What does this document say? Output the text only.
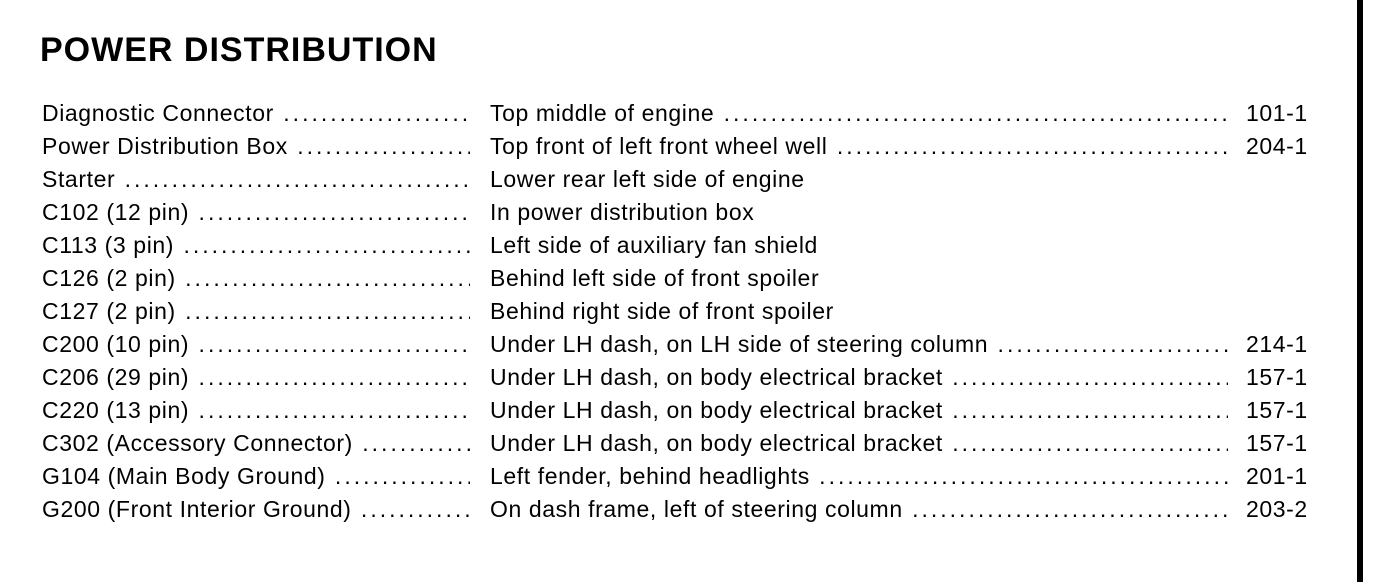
POWER DISTRIBUTION
Diagnostic Connector .....	Top middle of engine .....	101-1
Power Distribution Box .....	Top front of left front wheel well .....	204-1
Starter .....	Lower rear left side of engine
C102 (12 pin) .....	In power distribution box
C113 (3 pin) .....	Left side of auxiliary fan shield
C126 (2 pin) .....	Behind left side of front spoiler
C127 (2 pin) .....	Behind right side of front spoiler
C200 (10 pin) .....	Under LH dash, on LH side of steering column .....	214-1
C206 (29 pin) .....	Under LH dash, on body electrical bracket .....	157-1
C220 (13 pin) .....	Under LH dash, on body electrical bracket .....	157-1
C302 (Accessory Connector) .....	Under LH dash, on body electrical bracket .....	157-1
G104 (Main Body Ground) .....	Left fender, behind headlights .....	201-1
G200 (Front Interior Ground) .....	On dash frame, left of steering column .....	203-2
